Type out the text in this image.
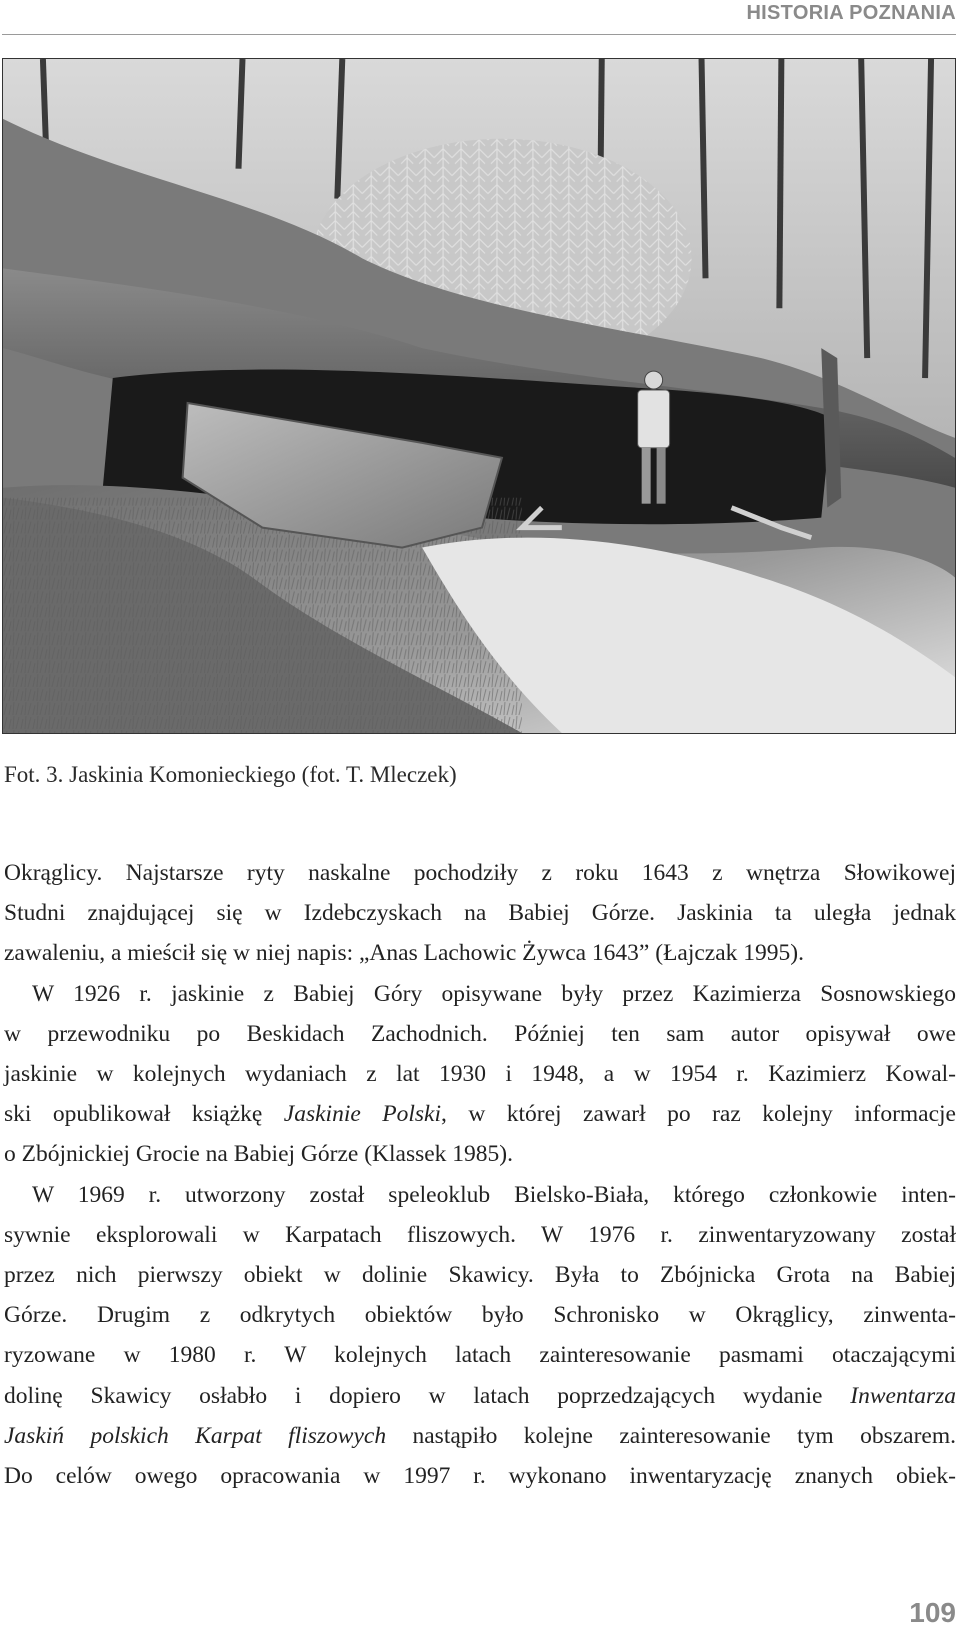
HISTORIA POZNANIA
Fot. 3. Jaskinia Komonieckiego (fot. T. Mleczek)
Okrąglicy. Najstarsze ryty naskalne pochodziły z roku 1643 z wnętrza Słowikowej
Studni znajdującej się w Izdebczyskach na Babiej Górze. Jaskinia ta uległa jednak
zawaleniu, a mieścił się w niej napis: „Anas Lachowic Żywca 1643” (Łajczak 1995).
W 1926 r. jaskinie z Babiej Góry opisywane były przez Kazimierza Sosnowskiego
w przewodniku po Beskidach Zachodnich. Później ten sam autor opisywał owe
jaskinie w kolejnych wydaniach z lat 1930 i 1948, a w 1954 r. Kazimierz Kowal-
ski opublikował książkę Jaskinie Polski, w której zawarł po raz kolejny informacje
o Zbójnickiej Grocie na Babiej Górze (Klassek 1985).
W 1969 r. utworzony został speleoklub Bielsko-Biała, którego członkowie inten-
sywnie eksplorowali w Karpatach fliszowych. W 1976 r. zinwentaryzowany został
przez nich pierwszy obiekt w dolinie Skawicy. Była to Zbójnicka Grota na Babiej
Górze. Drugim z odkrytych obiektów było Schronisko w Okrąglicy, zinwenta-
ryzowane w 1980 r. W kolejnych latach zainteresowanie pasmami otaczającymi
dolinę Skawicy osłabło i dopiero w latach poprzedzających wydanie Inwentarza
Jaskiń polskich Karpat fliszowych nastąpiło kolejne zainteresowanie tym obszarem.
Do celów owego opracowania w 1997 r. wykonano inwentaryzację znanych obiek-
109
